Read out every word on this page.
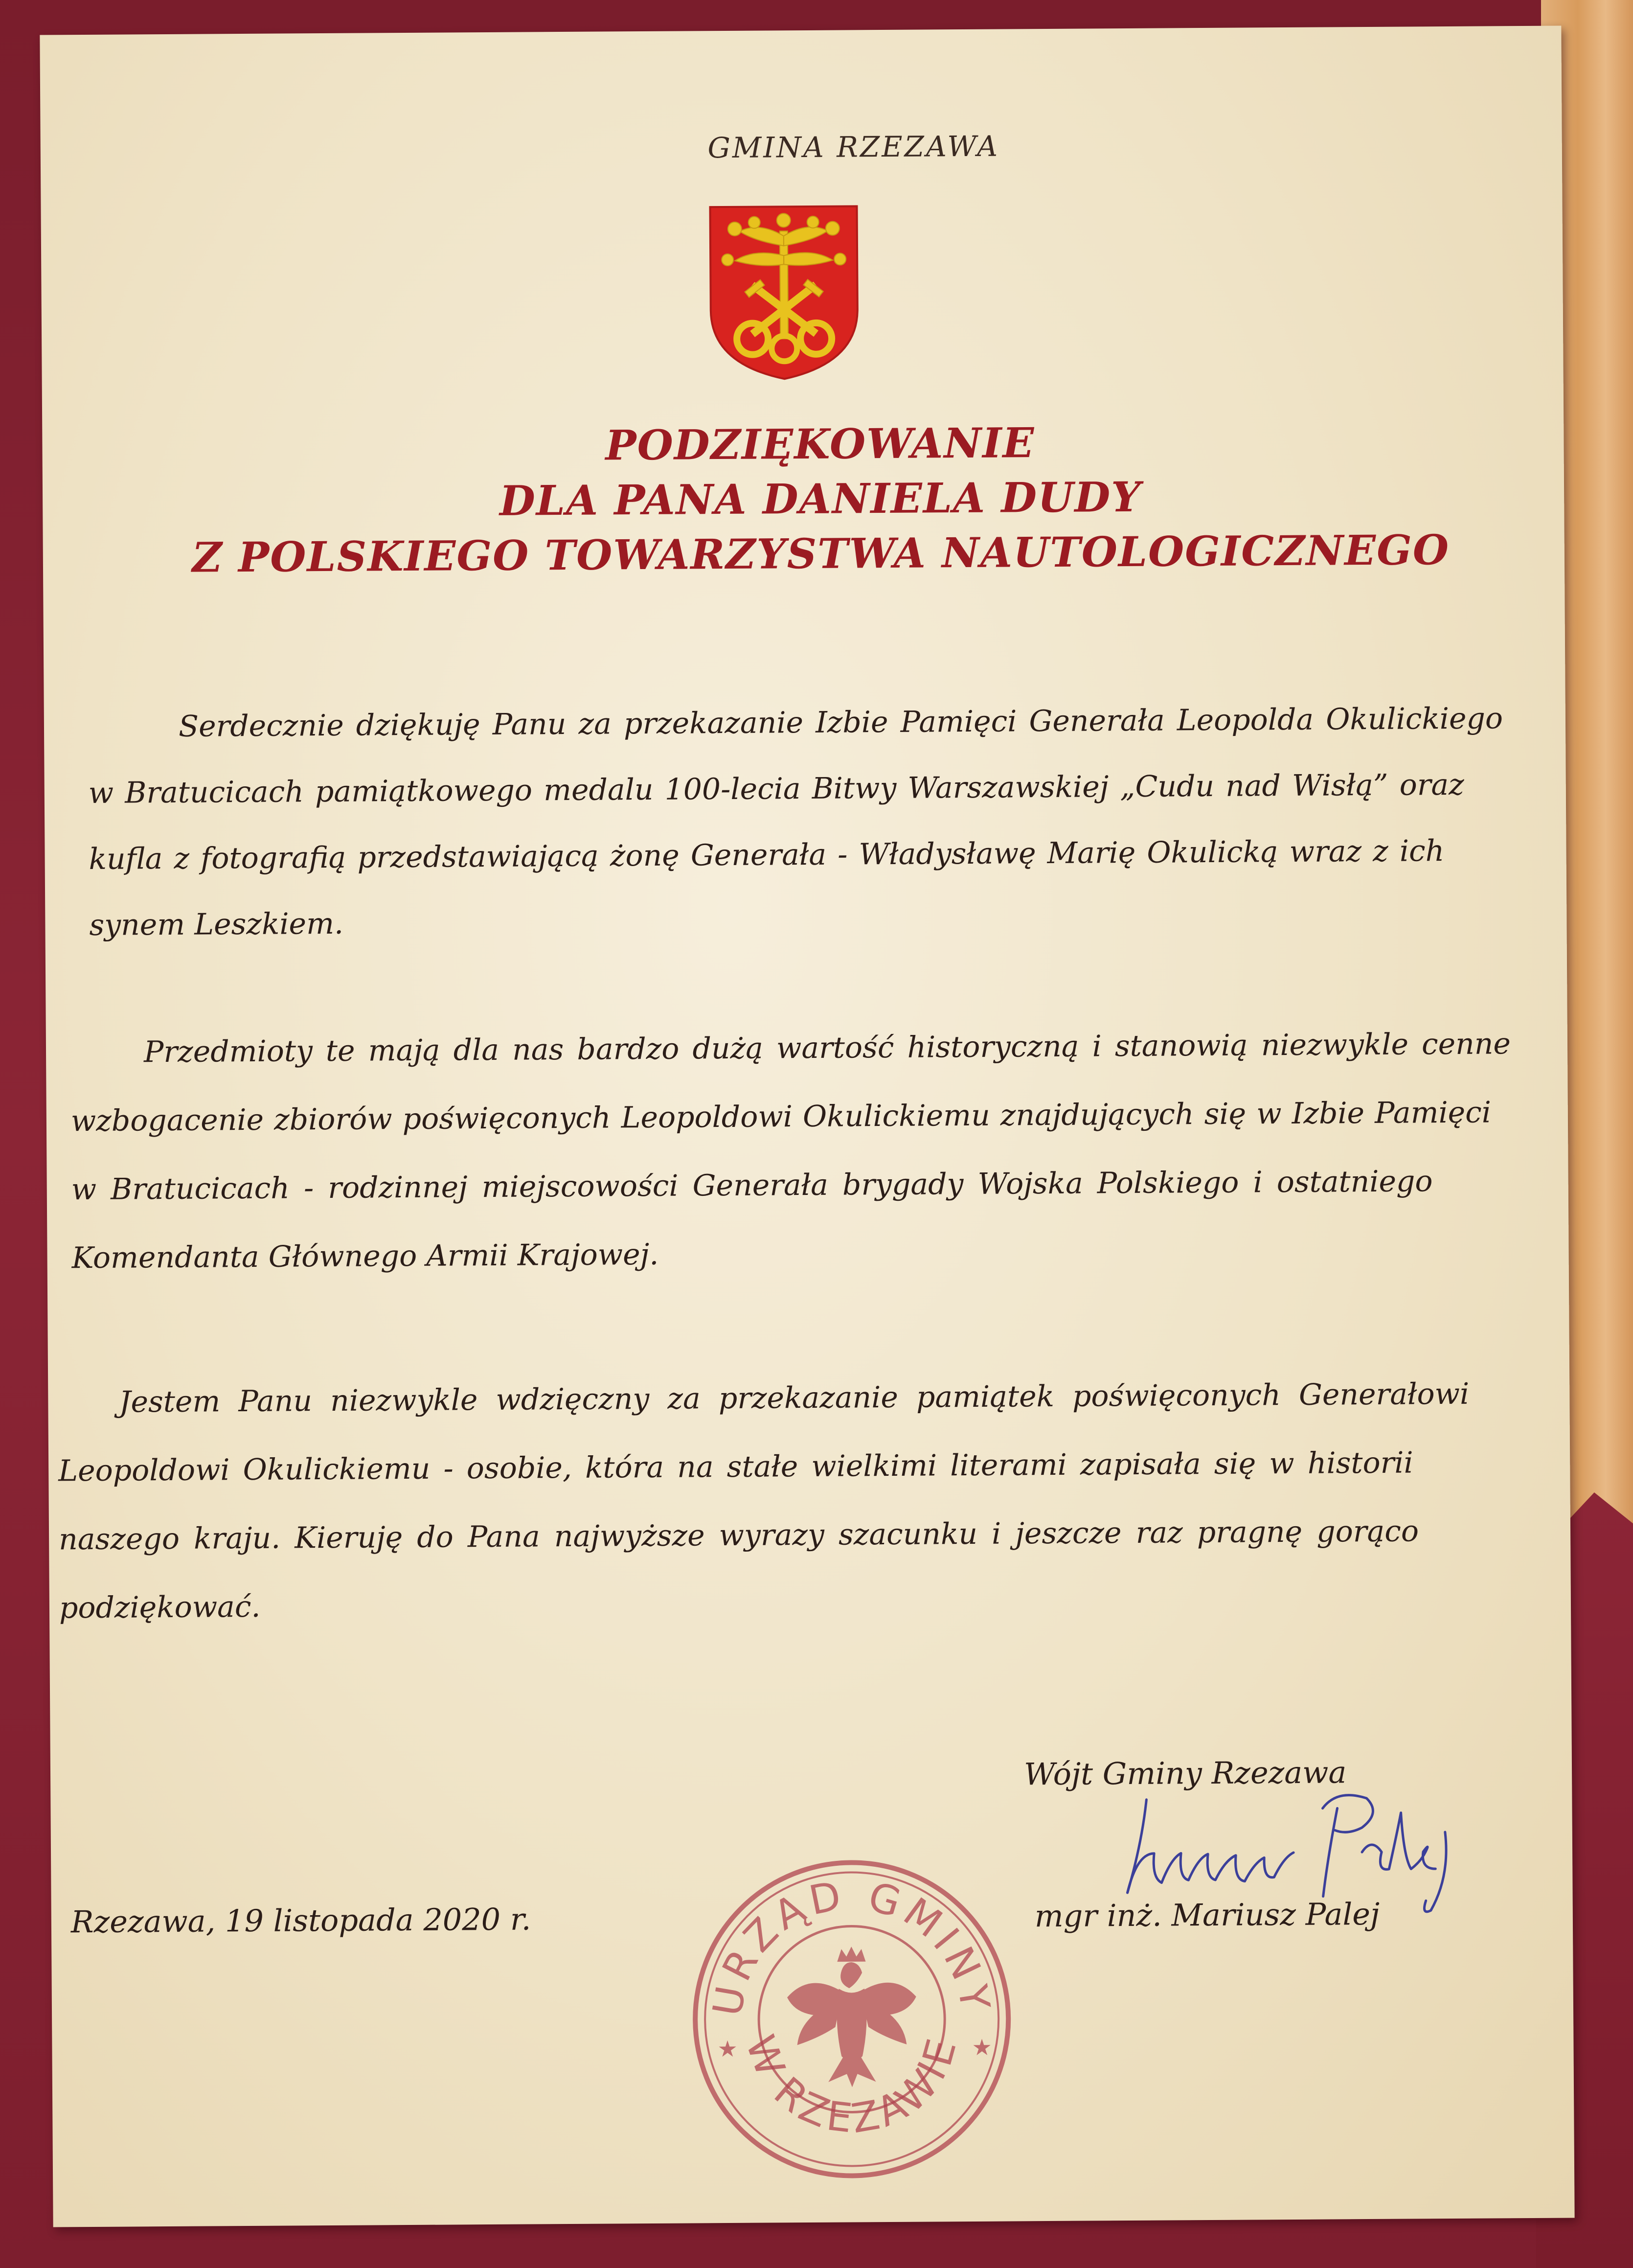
GMINA RZEZAWA
PODZIĘKOWANIE
DLA PANA DANIELA DUDY
Z POLSKIEGO TOWARZYSTWA NAUTOLOGICZNEGO
Serdecznie dziękuję Panu za przekazanie Izbie Pamięci Generała Leopolda Okulickiego
w Bratucicach pamiątkowego medalu 100-lecia Bitwy Warszawskiej „Cudu nad Wisłą” oraz
kufla z fotografią przedstawiającą żonę Generała - Władysławę Marię Okulicką wraz z ich
synem Leszkiem.
Przedmioty te mają dla nas bardzo dużą wartość historyczną i stanowią niezwykle cenne
wzbogacenie zbiorów poświęconych Leopoldowi Okulickiemu znajdujących się w Izbie Pamięci
w Bratucicach - rodzinnej miejscowości Generała brygady Wojska Polskiego i ostatniego
Komendanta Głównego Armii Krajowej.
Jestem Panu niezwykle wdzięczny za przekazanie pamiątek poświęconych Generałowi
Leopoldowi Okulickiemu - osobie, która na stałe wielkimi literami zapisała się w historii
naszego kraju. Kieruję do Pana najwyższe wyrazy szacunku i jeszcze raz pragnę gorąco
podziękować.
Wójt Gminy Rzezawa
Rzezawa, 19 listopada 2020 r.	mgr inż. Mariusz Palej
URZĄD GMINY
W RZEZAWIE
★	★
